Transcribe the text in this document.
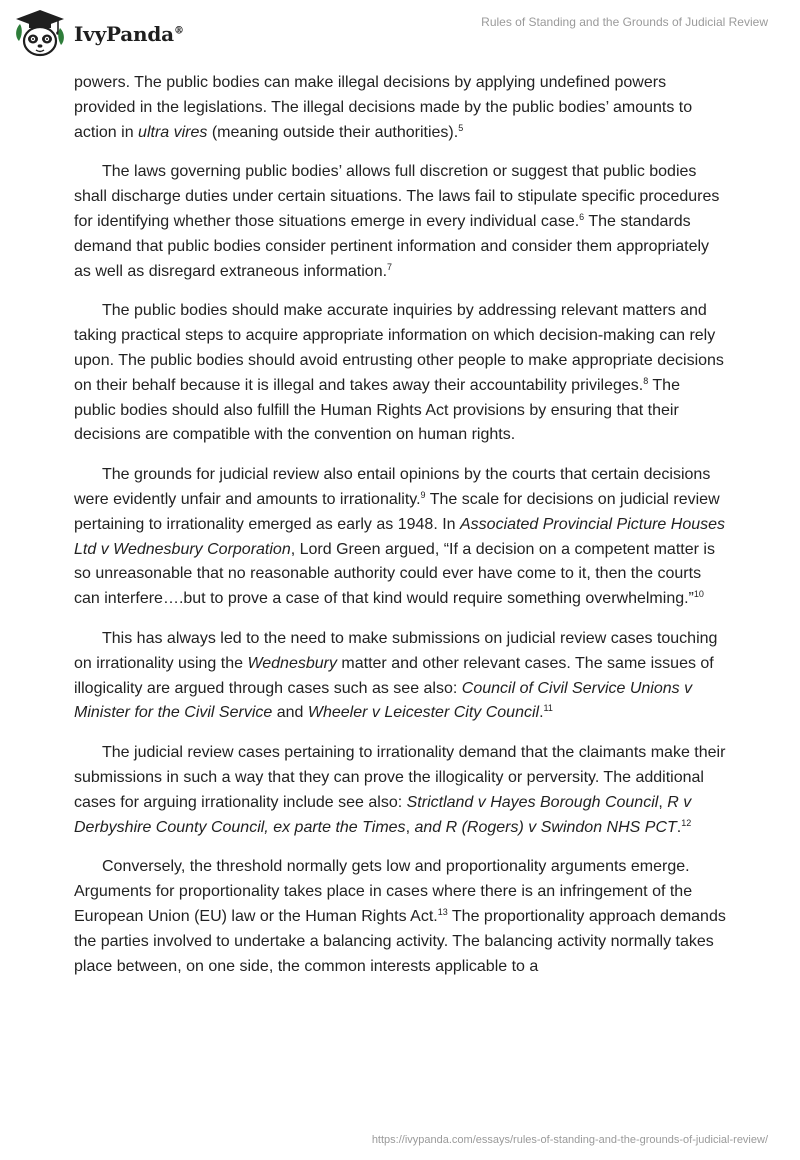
IvyPanda®
Rules of Standing and the Grounds of Judicial Review

powers. The public bodies can make illegal decisions by applying undefined powers provided in the legislations. The illegal decisions made by the public bodies’ amounts to action in ultra vires (meaning outside their authorities).$^5$

The laws governing public bodies’ allows full discretion or suggest that public bodies shall discharge duties under certain situations. The laws fail to stipulate specific procedures for identifying whether those situations emerge in every individual case.$^6$ The standards demand that public bodies consider pertinent information and consider them appropriately as well as disregard extraneous information.$^7$

The public bodies should make accurate inquiries by addressing relevant matters and taking practical steps to acquire appropriate information on which decision-making can rely upon. The public bodies should avoid entrusting other people to make appropriate decisions on their behalf because it is illegal and takes away their accountability privileges.$^8$ The public bodies should also fulfill the Human Rights Act provisions by ensuring that their decisions are compatible with the convention on human rights.

The grounds for judicial review also entail opinions by the courts that certain decisions were evidently unfair and amounts to irrationality.$^9$ The scale for decisions on judicial review pertaining to irrationality emerged as early as 1948. In Associated Provincial Picture Houses Ltd v Wednesbury Corporation, Lord Green argued, “If a decision on a competent matter is so unreasonable that no reasonable authority could ever have come to it, then the courts can interfere….but to prove a case of that kind would require something overwhelming.”$^{10}$

This has always led to the need to make submissions on judicial review cases touching on irrationality using the Wednesbury matter and other relevant cases. The same issues of illogicality are argued through cases such as see also: Council of Civil Service Unions v Minister for the Civil Service and Wheeler v Leicester City Council.$^{11}$

The judicial review cases pertaining to irrationality demand that the claimants make their submissions in such a way that they can prove the illogicality or perversity. The additional cases for arguing irrationality include see also: Strictland v Hayes Borough Council, R v Derbyshire County Council, ex parte the Times, and R (Rogers) v Swindon NHS PCT.$^{12}$

Conversely, the threshold normally gets low and proportionality arguments emerge. Arguments for proportionality takes place in cases where there is an infringement of the European Union (EU) law or the Human Rights Act.$^{13}$ The proportionality approach demands the parties involved to undertake a balancing activity. The balancing activity normally takes place between, on one side, the common interests applicable to a

https://ivypanda.com/essays/rules-of-standing-and-the-grounds-of-judicial-review/
